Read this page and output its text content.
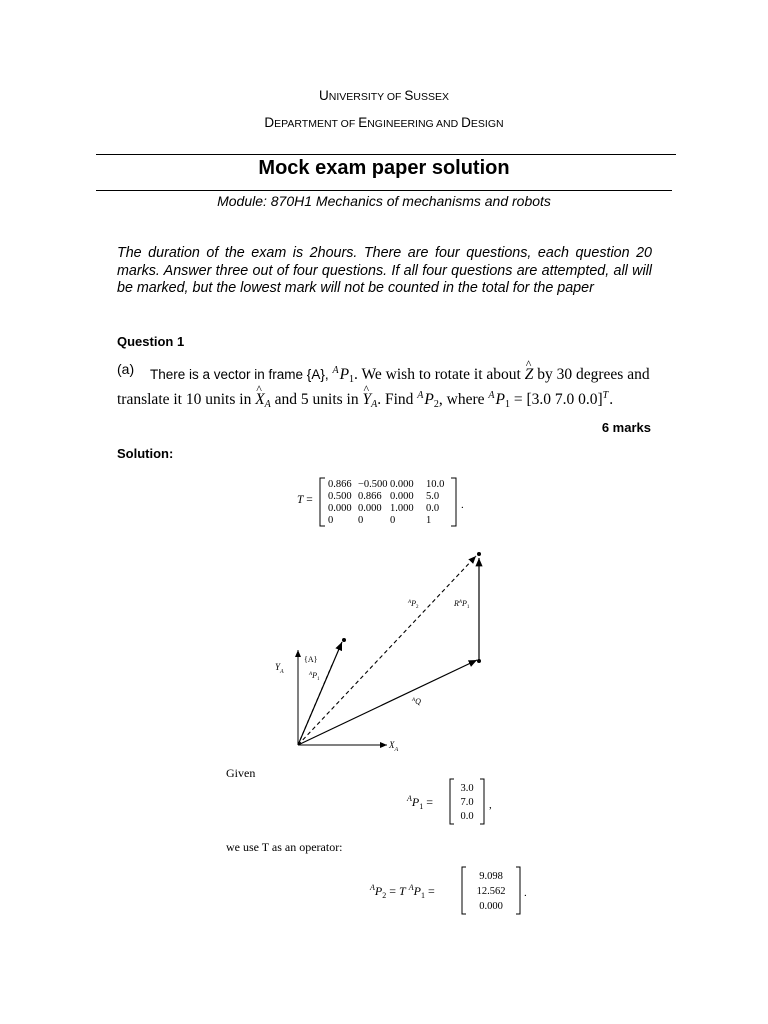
UNIVERSITY OF SUSSEX
DEPARTMENT OF ENGINEERING AND DESIGN
Mock exam paper solution
Module: 870H1 Mechanics of mechanisms and robots
The duration of the exam is 2hours. There are four questions, each question 20 marks. Answer three out of four questions. If all four questions are attempted, all will be marked, but the lowest mark will not be counted in the total for the paper
Question 1
(a) There is a vector in frame {A}, $^AP_1$. We wish to rotate it about ^ Z by 30 degrees and
translate it 10 units in ^ $X_A$ and 5 units in ^ $Y_A$. Find $^AP_2$, where $^AP_1 = [3.0$ 7.0 0.0]$^T$.
6 marks
Solution:
T =	.
0.866 −0.500 0.000 10.0
0.500 0.866 0.000 5.0
0.000 0.000 1.000 0.0
0 0	0	1
$Y_A$
{A}
$^AP_1$
$^AP_2$	$R^AP_1$
$^A$Q
$X_A$
Given
$^AP_1$ =	,
3.0
7.0
0.0
we use T as an operator:
$^AP_2 = T$ $^AP_1$ =	.
9.098
12.562
0.000
